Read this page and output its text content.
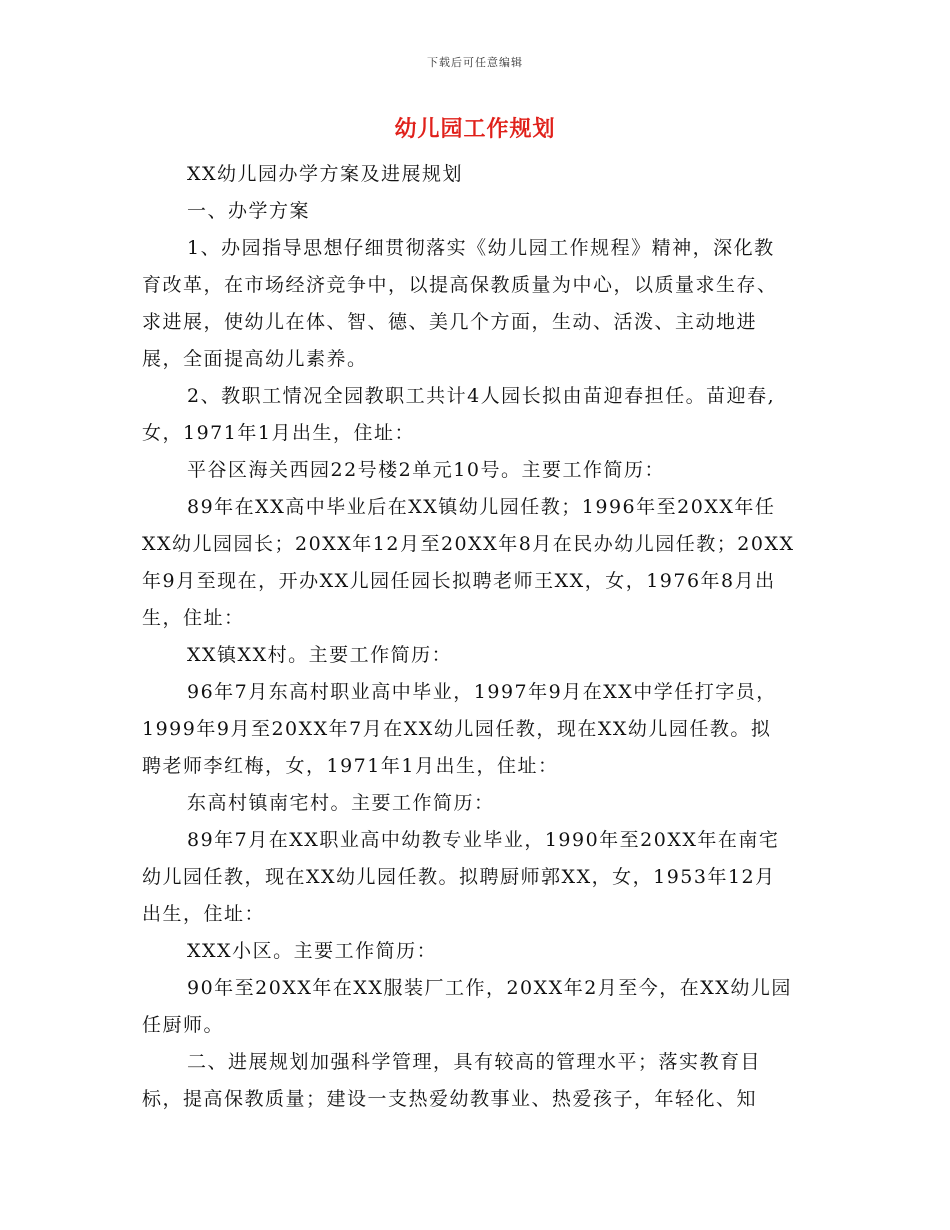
下载后可任意编辑
幼儿园工作规划
XX幼儿园办学方案及进展规划
一、办学方案
1、办园指导思想仔细贯彻落实《幼儿园工作规程》精神，深化教
育改革，在市场经济竞争中，以提高保教质量为中心，以质量求生存、
求进展，使幼儿在体、智、德、美几个方面，生动、活泼、主动地进
展，全面提高幼儿素养。
2、教职工情况全园教职工共计4人园长拟由苗迎春担任。苗迎春,
女，1971年1月出生，住址：
平谷区海关西园22号楼2单元10号。主要工作简历：
89年在XX高中毕业后在XX镇幼儿园任教；1996年至20XX年任
XX幼儿园园长；20XX年12月至20XX年8月在民办幼儿园任教；20XX
年9月至现在，开办XX儿园任园长拟聘老师王XX，女，1976年8月出
生，住址：
XX镇XX村。主要工作简历：
96年7月东高村职业高中毕业，1997年9月在XX中学任打字员，
1999年9月至20XX年7月在XX幼儿园任教，现在XX幼儿园任教。拟
聘老师李红梅，女，1971年1月出生，住址：
东高村镇南宅村。主要工作简历：
89年7月在XX职业高中幼教专业毕业，1990年至20XX年在南宅
幼儿园任教，现在XX幼儿园任教。拟聘厨师郭XX，女，1953年12月
出生，住址：
XXX小区。主要工作简历：
90年至20XX年在XX服装厂工作，20XX年2月至今，在XX幼儿园
任厨师。
二、进展规划加强科学管理，具有较高的管理水平；落实教育目
标，提高保教质量；建设一支热爱幼教事业、热爱孩子，年轻化、知
